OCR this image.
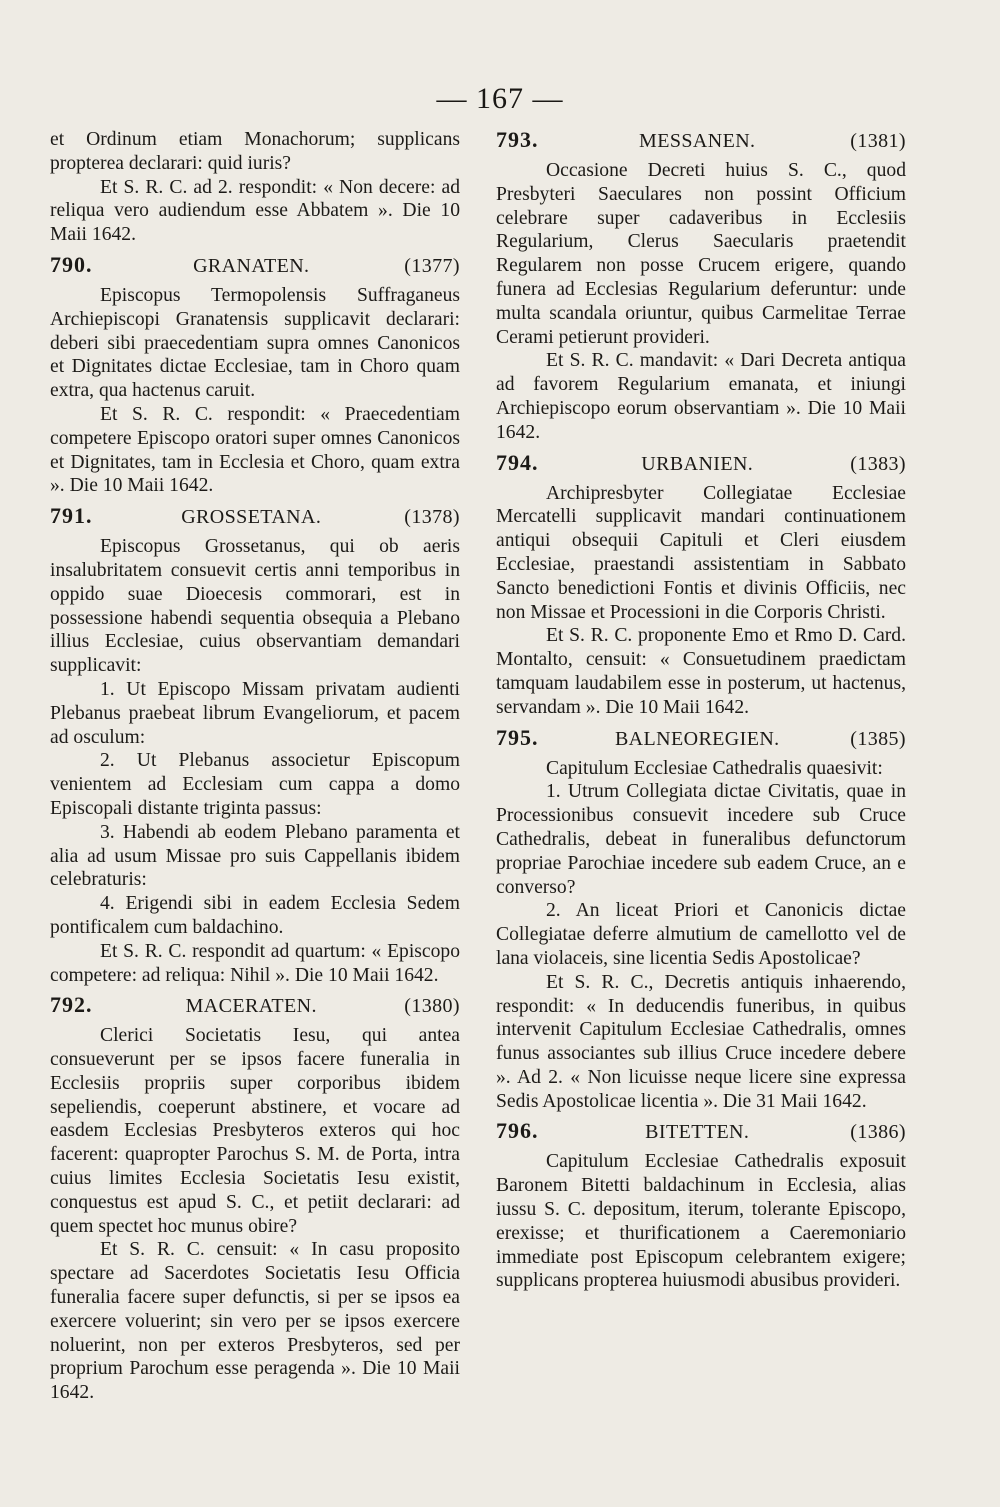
— 167 —

et Ordinum etiam Monachorum; supplicans propterea declarari: quid iuris?

Et S. R. C. ad 2. respondit: « Non decere: ad reliqua vero audiendum esse Abbatem ». Die 10 Maii 1642.

790.	GRANATEN.	(1377)

Episcopus Termopolensis Suffraganeus Archiepiscopi Granatensis supplicavit declarari: deberi sibi praecedentiam supra omnes Canonicos et Dignitates dictae Ecclesiae, tam in Choro quam extra, qua hactenus caruit.

Et S. R. C. respondit: « Praecedentiam competere Episcopo oratori super omnes Canonicos et Dignitates, tam in Ecclesia et Choro, quam extra ». Die 10 Maii 1642.

791.	GROSSETANA.	(1378)

Episcopus Grossetanus, qui ob aeris insalubritatem consuevit certis anni temporibus in oppido suae Dioecesis commorari, est in possessione habendi sequentia obsequia a Plebano illius Ecclesiae, cuius observantiam demandari supplicavit:

1. Ut Episcopo Missam privatam audienti Plebanus praebeat librum Evangeliorum, et pacem ad osculum:

2. Ut Plebanus associetur Episcopum venientem ad Ecclesiam cum cappa a domo Episcopali distante triginta passus:

3. Habendi ab eodem Plebano paramenta et alia ad usum Missae pro suis Cappellanis ibidem celebraturis:

4. Erigendi sibi in eadem Ecclesia Sedem pontificalem cum baldachino.

Et S. R. C. respondit ad quartum: « Episcopo competere: ad reliqua: Nihil ». Die 10 Maii 1642.

792.	MACERATEN.	(1380)

Clerici Societatis Iesu, qui antea consueverunt per se ipsos facere funeralia in Ecclesiis propriis super corporibus ibidem sepeliendis, coeperunt abstinere, et vocare ad easdem Ecclesias Presbyteros exteros qui hoc facerent: quapropter Parochus S. M. de Porta, intra cuius limites Ecclesia Societatis Iesu existit, conquestus est apud S. C., et petiit declarari: ad quem spectet hoc munus obire?

Et S. R. C. censuit: « In casu proposito spectare ad Sacerdotes Societatis Iesu Officia funeralia facere super defunctis, si per se ipsos ea exercere voluerint; sin vero per se ipsos exercere noluerint, non per exteros Presbyteros, sed per proprium Parochum esse peragenda ». Die 10 Maii 1642.

793.	MESSANEN.	(1381)

Occasione Decreti huius S. C., quod Presbyteri Saeculares non possint Officium celebrare super cadaveribus in Ecclesiis Regularium, Clerus Saecularis praetendit Regularem non posse Crucem erigere, quando funera ad Ecclesias Regularium deferuntur: unde multa scandala oriuntur, quibus Carmelitae Terrae Cerami petierunt provideri.

Et S. R. C. mandavit: « Dari Decreta antiqua ad favorem Regularium emanata, et iniungi Archiepiscopo eorum observantiam ». Die 10 Maii 1642.

794.	URBANIEN.	(1383)

Archipresbyter Collegiatae Ecclesiae Mercatelli supplicavit mandari continuationem antiqui obsequii Capituli et Cleri eiusdem Ecclesiae, praestandi assistentiam in Sabbato Sancto benedictioni Fontis et divinis Officiis, nec non Missae et Processioni in die Corporis Christi.

Et S. R. C. proponente Emo et Rmo D. Card. Montalto, censuit: « Consuetudinem praedictam tamquam laudabilem esse in posterum, ut hactenus, servandam ». Die 10 Maii 1642.

795.	BALNEOREGIEN.	(1385)

Capitulum Ecclesiae Cathedralis quaesivit:

1. Utrum Collegiata dictae Civitatis, quae in Processionibus consuevit incedere sub Cruce Cathedralis, debeat in funeralibus defunctorum propriae Parochiae incedere sub eadem Cruce, an e converso?

2. An liceat Priori et Canonicis dictae Collegiatae deferre almutium de camellotto vel de lana violaceis, sine licentia Sedis Apostolicae?

Et S. R. C., Decretis antiquis inhaerendo, respondit: « In deducendis funeribus, in quibus intervenit Capitulum Ecclesiae Cathedralis, omnes funus associantes sub illius Cruce incedere debere ». Ad 2. « Non licuisse neque licere sine expressa Sedis Apostolicae licentia ». Die 31 Maii 1642.

796.	BITETTEN.	(1386)

Capitulum Ecclesiae Cathedralis exposuit Baronem Bitetti baldachinum in Ecclesia, alias iussu S. C. depositum, iterum, tolerante Episcopo, erexisse; et thurificationem a Caeremoniario immediate post Episcopum celebrantem exigere; supplicans propterea huiusmodi abusibus provideri.
